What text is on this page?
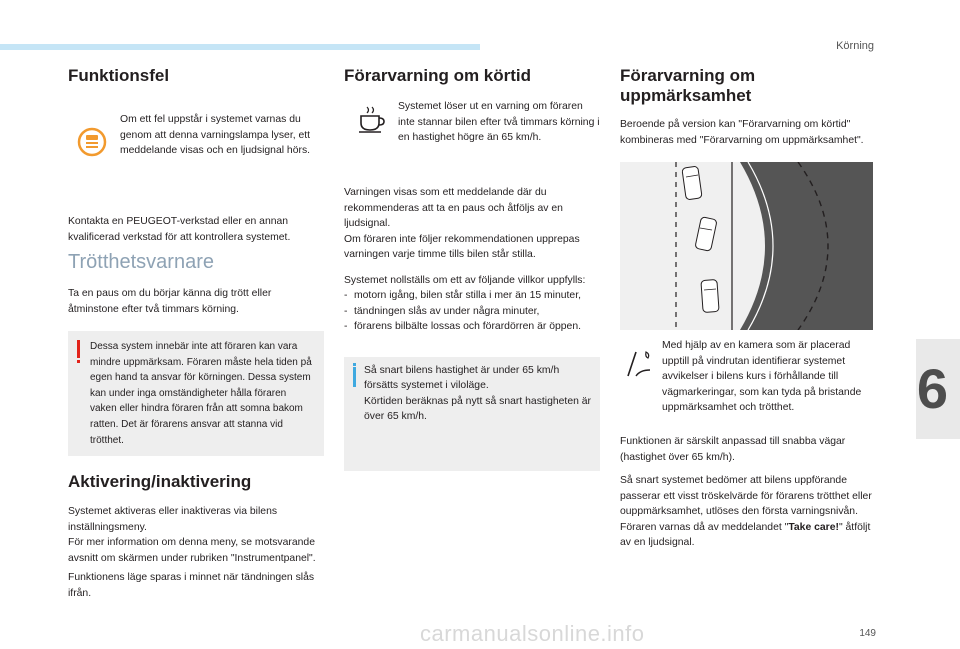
Körning
6
149
carmanualsonline.info
Funktionsfel

Om ett fel uppstår i systemet varnas du genom att denna varningslampa lyser, ett meddelande visas och en ljudsignal hörs.

Kontakta en PEUGEOT-verkstad eller en annan kvalificerad verkstad för att kontrollera systemet.

Trötthetsvarnare

Ta en paus om du börjar känna dig trött eller åtminstone efter två timmars körning.

Dessa system innebär inte att föraren kan vara mindre uppmärksam. Föraren måste hela tiden på egen hand ta ansvar för körningen. Dessa system kan under inga omständigheter hålla föraren vaken eller hindra föraren från att somna bakom ratten. Det är förarens ansvar att stanna vid trötthet.

Aktivering/inaktivering

Systemet aktiveras eller inaktiveras via bilens inställningsmeny.

För mer information om denna meny, se motsvarande avsnitt om skärmen under rubriken "Instrumentpanel".

Funktionens läge sparas i minnet när tändningen slås ifrån.

Förarvarning om körtid

Systemet löser ut en varning om föraren inte stannar bilen efter två timmars körning i en hastighet högre än 65 km/h.

Varningen visas som ett meddelande där du rekommenderas att ta en paus och åtföljs av en ljudsignal.

Om föraren inte följer rekommendationen upprepas varningen varje timme tills bilen står stilla.

Systemet nollställs om ett av följande villkor uppfylls:

- motorn igång, bilen står stilla i mer än 15 minuter,
- tändningen slås av under några minuter,
- förarens bilbälte lossas och förardörren är öppen.

Så snart bilens hastighet är under 65 km/h försätts systemet i viloläge.

Körtiden beräknas på nytt så snart hastigheten är över 65 km/h.

Förarvarning om
uppmärksamhet

Beroende på version kan "Förarvarning om körtid" kombineras med "Förarvarning om uppmärksamhet".

Med hjälp av en kamera som är placerad upptill på vindrutan identifierar systemet avvikelser i bilens kurs i förhållande till vägmarkeringar, som kan tyda på bristande uppmärksamhet och trötthet.

Funktionen är särskilt anpassad till snabba vägar (hastighet över 65 km/h).

Så snart systemet bedömer att bilens uppförande passerar ett visst tröskelvärde för förarens trötthet eller ouppmärksamhet, utlöses den första varningsnivån.

Föraren varnas då av meddelandet "Take care!" åtföljt av en ljudsignal.
